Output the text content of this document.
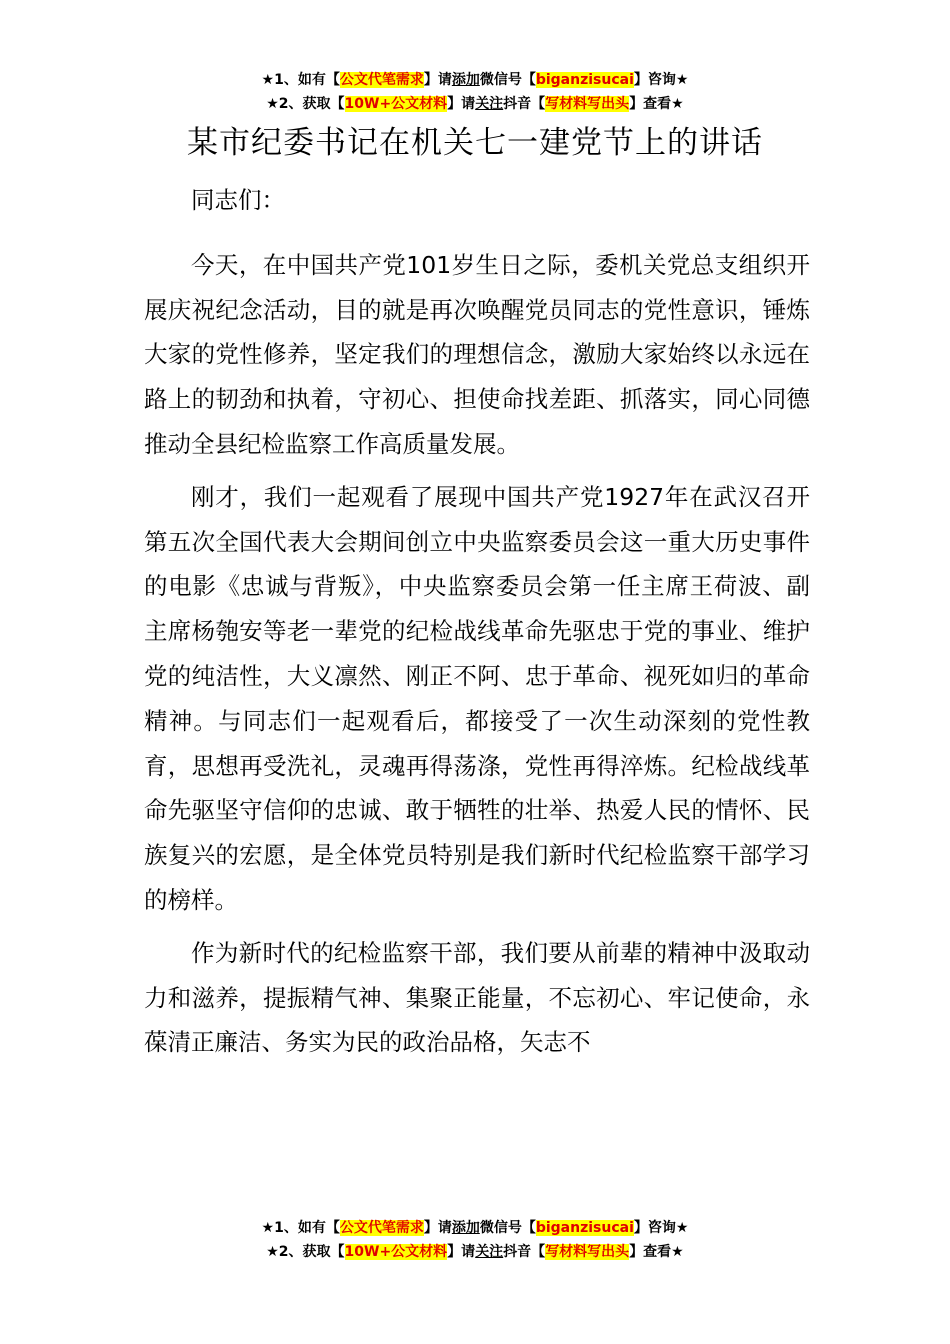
★1、如有【公文代笔需求】请添加微信号【biganzisucai】咨询★
★2、获取【10W+公文材料】请关注抖音【写材料写出头】查看★
某市纪委书记在机关七一建党节上的讲话

同志们：

今天，在中国共产党101岁生日之际，委机关党总支组织开展庆祝纪念活动，目的就是再次唤醒党员同志的党性意识，锤炼大家的党性修养，坚定我们的理想信念，激励大家始终以永远在路上的韧劲和执着，守初心、担使命找差距、抓落实，同心同德推动全县纪检监察工作高质量发展。

刚才，我们一起观看了展现中国共产党1927年在武汉召开第五次全国代表大会期间创立中央监察委员会这一重大历史事件的电影《忠诚与背叛》，中央监察委员会第一任主席王荷波、副主席杨匏安等老一辈党的纪检战线革命先驱忠于党的事业、维护党的纯洁性，大义凛然、刚正不阿、忠于革命、视死如归的革命精神。与同志们一起观看后，都接受了一次生动深刻的党性教育，思想再受洗礼，灵魂再得荡涤，党性再得淬炼。纪检战线革命先驱坚守信仰的忠诚、敢于牺牲的壮举、热爱人民的情怀、民族复兴的宏愿，是全体党员特别是我们新时代纪检监察干部学习的榜样。

作为新时代的纪检监察干部，我们要从前辈的精神中汲取动力和滋养，提振精气神、集聚正能量，不忘初心、牢记使命，永葆清正廉洁、务实为民的政治品格，矢志不

★1、如有【公文代笔需求】请添加微信号【biganzisucai】咨询★
★2、获取【10W+公文材料】请关注抖音【写材料写出头】查看★
